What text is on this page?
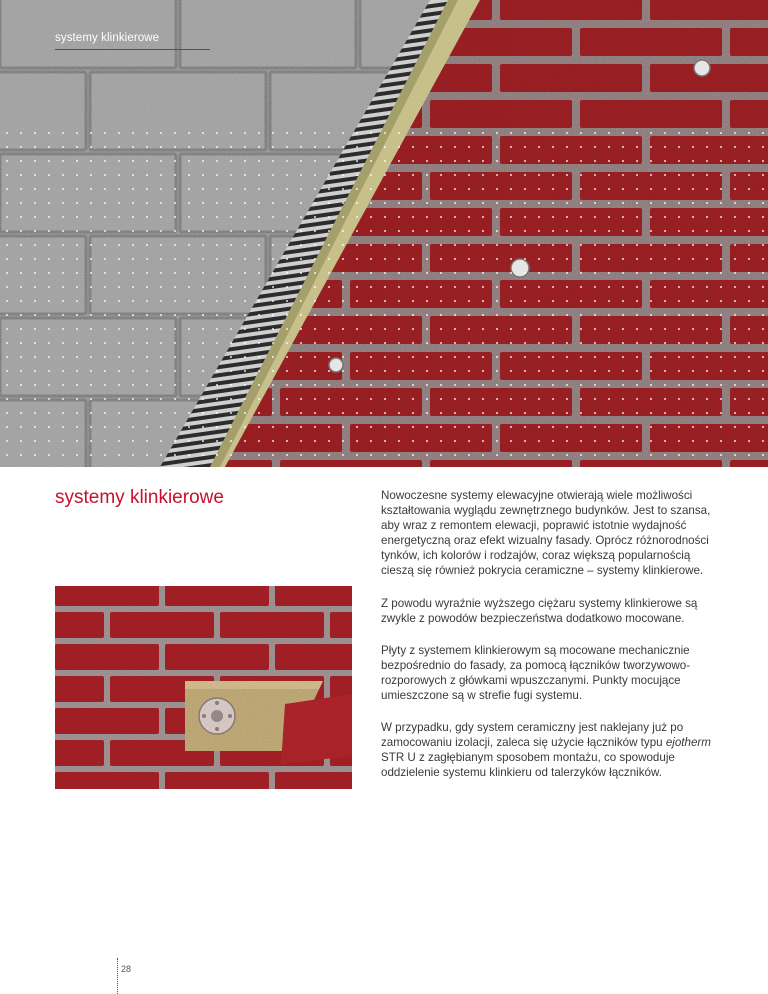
systemy klinkierowe
systemy klinkierowe	Nowoczesne systemy elewacyjne otwierają wiele możliwości kształtowania wyglądu zewnętrznego budynków. Jest to szansa, aby wraz z remontem elewacji, poprawić istotnie wydajność energetyczną oraz efekt wizualny fasady. Oprócz różnorodności tynków, ich kolorów i rodzajów, coraz większą popularnością cieszą się również pokrycia ceramiczne – systemy klinkierowe.

Z powodu wyraźnie wyższego ciężaru systemy klinkierowe są zwykle z powodów bezpieczeństwa dodatkowo mocowane.

Płyty z systemem klinkierowym są mocowane mechanicznie bezpośrednio do fasady, za pomocą łączników tworzywowo-rozporowych z główkami wpuszczanymi. Punkty mocujące umieszczone są w strefie fugi systemu.

W przypadku, gdy system ceramiczny jest naklejany już po zamocowaniu izolacji, zaleca się użycie łączników typu ejotherm STR U z zagłębianym sposobem montażu, co spowoduje oddzielenie systemu klinkieru od talerzyków łączników.

28
